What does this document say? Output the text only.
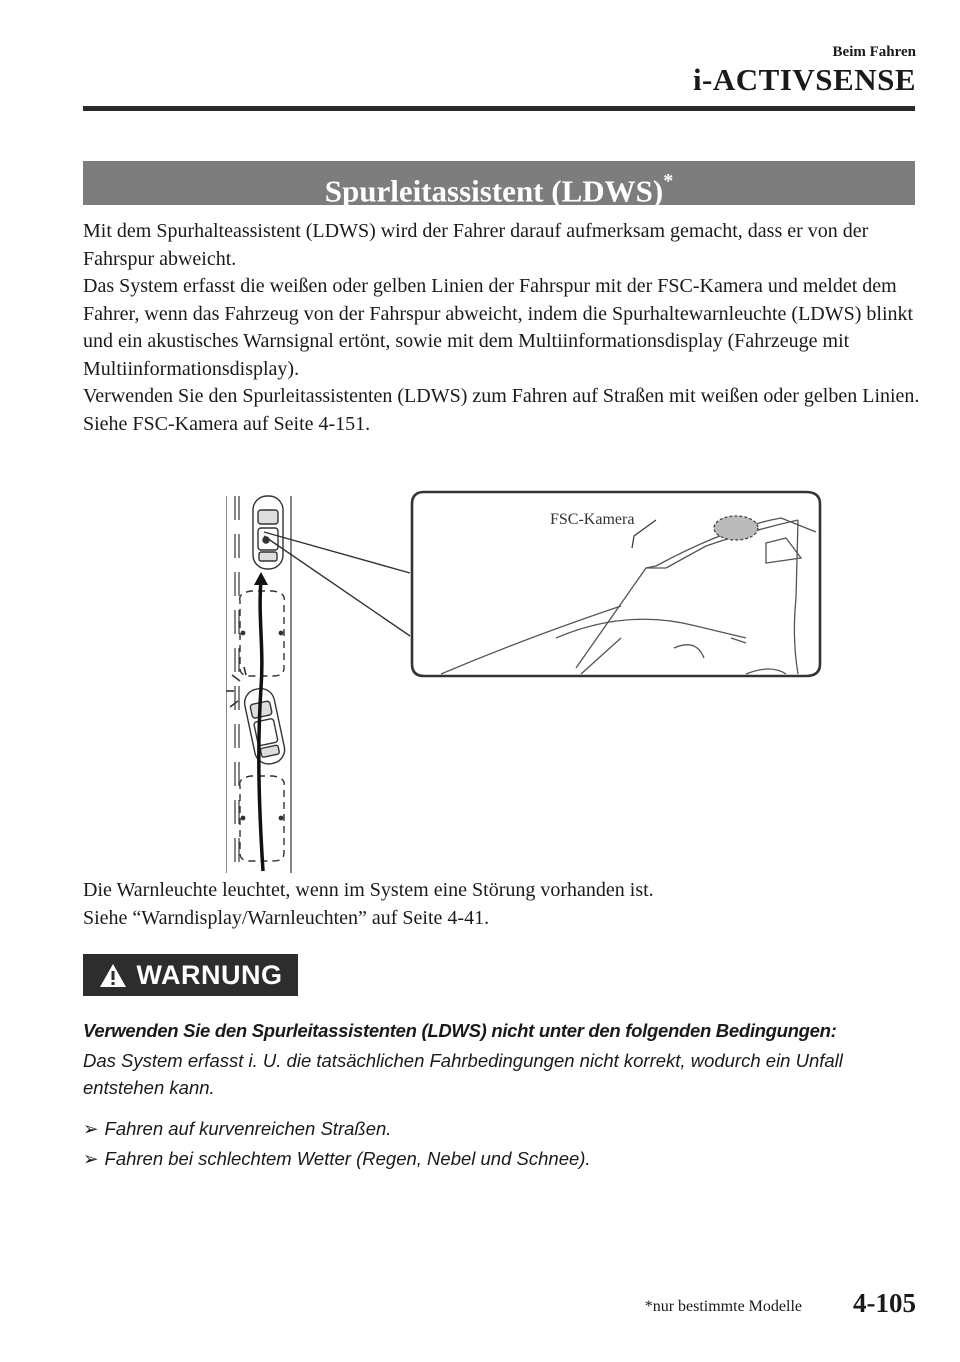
Beim Fahren
i-ACTIVSENSE
Spurleitassistent (LDWS)*

Mit dem Spurhalteassistent (LDWS) wird der Fahrer darauf aufmerksam gemacht, dass er von der Fahrspur abweicht.

Das System erfasst die weißen oder gelben Linien der Fahrspur mit der FSC-Kamera und meldet dem Fahrer, wenn das Fahrzeug von der Fahrspur abweicht, indem die Spurhaltewarnleuchte (LDWS) blinkt und ein akustisches Warnsignal ertönt, sowie mit dem Multiinformationsdisplay (Fahrzeuge mit Multiinformationsdisplay).

Verwenden Sie den Spurleitassistenten (LDWS) zum Fahren auf Straßen mit weißen oder gelben Linien.

Siehe FSC-Kamera auf Seite 4-151.

FSC-Kamera

Die Warnleuchte leuchtet, wenn im System eine Störung vorhanden ist.

Siehe “Warndisplay/Warnleuchten” auf Seite 4-41.

WARNUNG
Verwenden Sie den Spurleitassistenten (LDWS) nicht unter den folgenden Bedingungen:
Das System erfasst i. U. die tatsächlichen Fahrbedingungen nicht korrekt, wodurch ein Unfall entstehen kann.
➢ Fahren auf kurvenreichen Straßen.
➢ Fahren bei schlechtem Wetter (Regen, Nebel und Schnee).
*nur bestimmte Modelle 4-105
